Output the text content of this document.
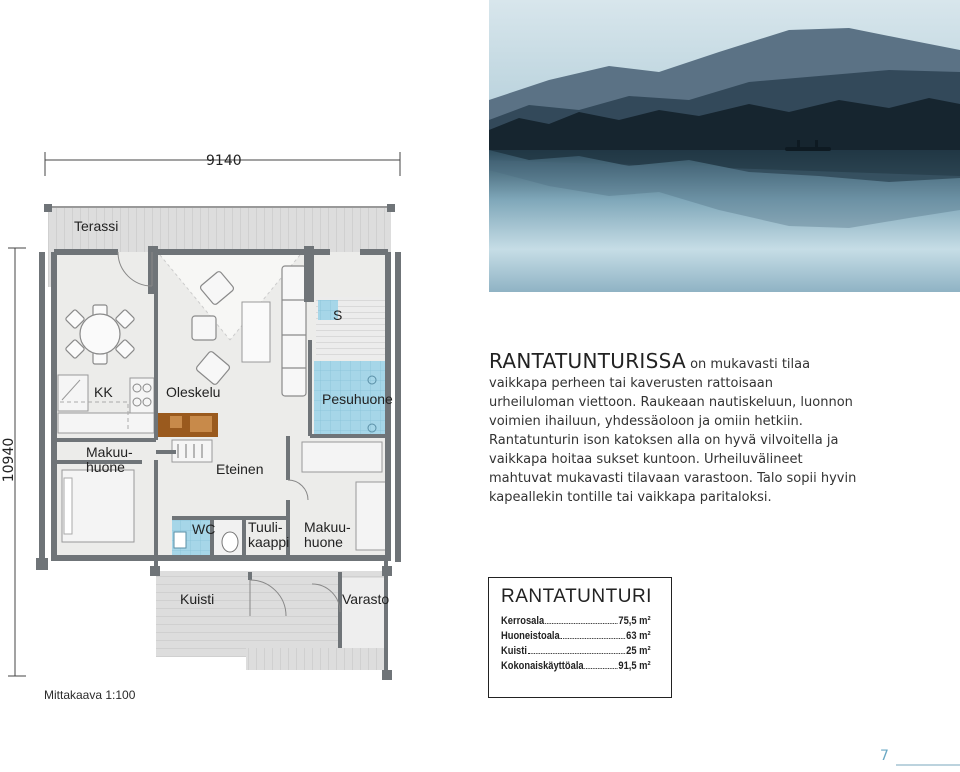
9140
10940
Terassi
KK	Oleskelu
S
Pesuhuone
Makuu-
huone	Eteinen
WC Tuuli-
kaappi
Makuu-
huone
Kuisti	Varasto
Mittakaava 1:100
RANTATUNTURISSA on mukavasti tilaa vaikkapa perheen tai kaverusten rattoisaan urheiluloman viettoon. Raukeaan nautiskeluun, luonnon voimien ihailuun, yhdessäoloon ja omiin hetkiin. Rantatunturin ison katoksen alla on hyvä vilvoitella ja vaikkapa hoitaa sukset kuntoon. Urheiluvälineet mahtuvat mukavasti tilavaan varastoon. Talo sopii hyvin kapeallekin tontille tai vaikkapa paritaloksi.
RANTATUNTURI
Kerrosala	75,5 m²
Huoneistoala	63 m²
Kuisti	25 m²
Kokonaiskäyttöala	91,5 m²
7
